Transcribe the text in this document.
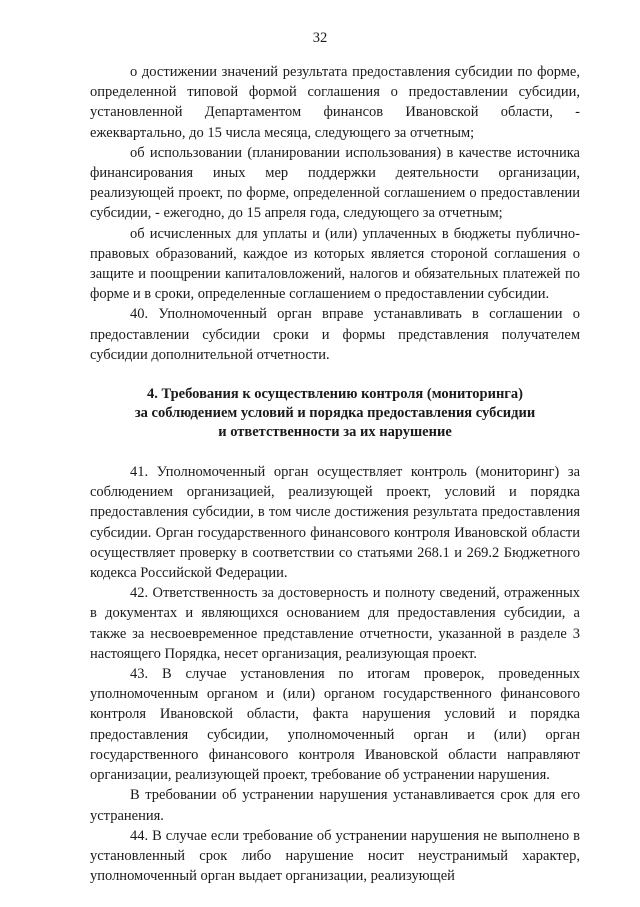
32

о достижении значений результата предоставления субсидии по форме, определенной типовой формой соглашения о предоставлении субсидии, установленной Департаментом финансов Ивановской области, - ежеквартально, до 15 числа месяца, следующего за отчетным;

об использовании (планировании использования) в качестве источника финансирования иных мер поддержки деятельности организации, реализующей проект, по форме, определенной соглашением о предоставлении субсидии, - ежегодно, до 15 апреля года, следующего за отчетным;

об исчисленных для уплаты и (или) уплаченных в бюджеты публично-правовых образований, каждое из которых является стороной соглашения о защите и поощрении капиталовложений, налогов и обязательных платежей по форме и в сроки, определенные соглашением о предоставлении субсидии.

40. Уполномоченный орган вправе устанавливать в соглашении о предоставлении субсидии сроки и формы представления получателем субсидии дополнительной отчетности.

4. Требования к осуществлению контроля (мониторинга)
за соблюдением условий и порядка предоставления субсидии
и ответственности за их нарушение

41. Уполномоченный орган осуществляет контроль (мониторинг) за соблюдением организацией, реализующей проект, условий и порядка предоставления субсидии, в том числе достижения результата предоставления субсидии. Орган государственного финансового контроля Ивановской области осуществляет проверку в соответствии со статьями 268.1 и 269.2 Бюджетного кодекса Российской Федерации.

42. Ответственность за достоверность и полноту сведений, отраженных в документах и являющихся основанием для предоставления субсидии, а также за несвоевременное представление отчетности, указанной в разделе 3 настоящего Порядка, несет организация, реализующая проект.

43. В случае установления по итогам проверок, проведенных уполномоченным органом и (или) органом государственного финансового контроля Ивановской области, факта нарушения условий и порядка предоставления субсидии, уполномоченный орган и (или) орган государственного финансового контроля Ивановской области направляют организации, реализующей проект, требование об устранении нарушения.

В требовании об устранении нарушения устанавливается срок для его устранения.

44. В случае если требование об устранении нарушения не выполнено в установленный срок либо нарушение носит неустранимый характер, уполномоченный орган выдает организации, реализующей
